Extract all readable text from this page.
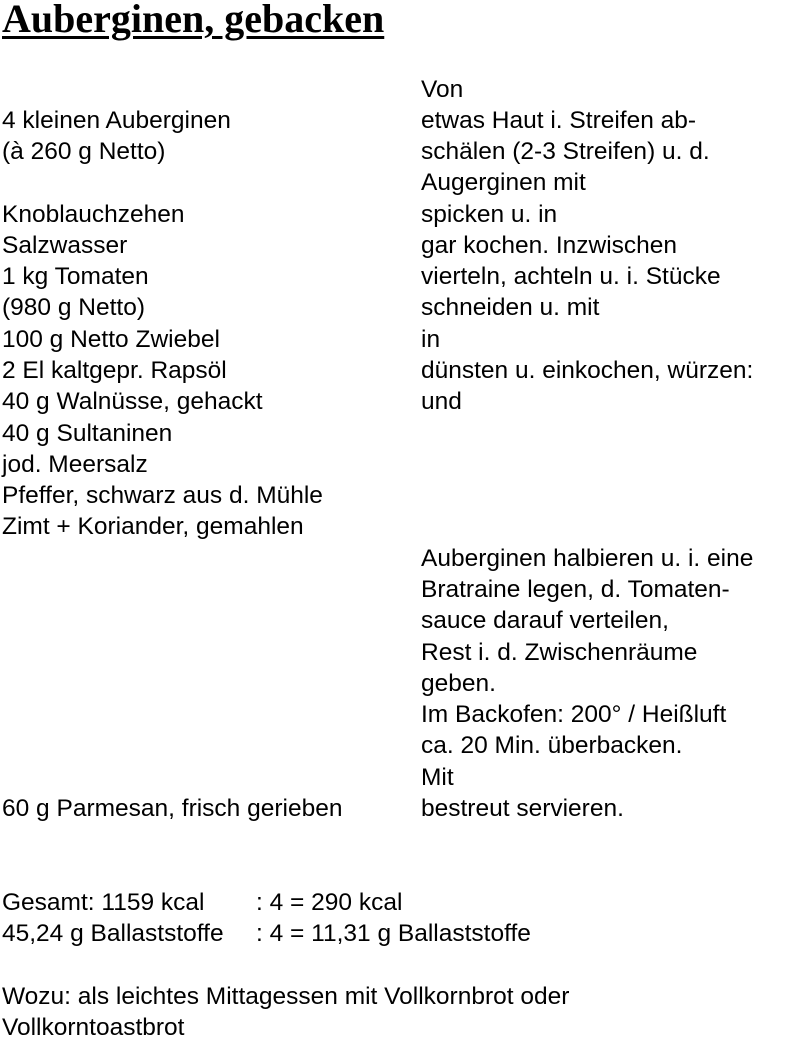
Auberginen, gebacken
4 kleinen Auberginen
(à 260 g Netto)
Knoblauchzehen
Salzwasser
1 kg Tomaten
(980 g Netto)
100 g Netto Zwiebel
2 El kaltgepr. Rapsöl
40 g Walnüsse, gehackt
40 g Sultaninen
jod. Meersalz
Pfeffer, schwarz aus d. Mühle
Zimt + Koriander, gemahlen
60 g Parmesan, frisch gerieben
Von
etwas Haut i. Streifen ab-
schälen (2-3 Streifen) u. d.
Augerginen mit
spicken u. in
gar kochen. Inzwischen
vierteln, achteln u. i. Stücke
schneiden u. mit
in
dünsten u. einkochen, würzen:
und
Auberginen halbieren u. i. eine
Bratraine legen, d. Tomaten-
sauce darauf verteilen,
Rest i. d. Zwischenräume
geben.
Im Backofen: 200° / Heißluft
ca. 20 Min. überbacken.
Mit
bestreut servieren.
Gesamt: 1159 kcal : 4 = 290 kcal
45,24 g Ballaststoffe : 4 = 11,31 g Ballaststoffe
Wozu: als leichtes Mittagessen mit Vollkornbrot oder
Vollkorntoastbrot
